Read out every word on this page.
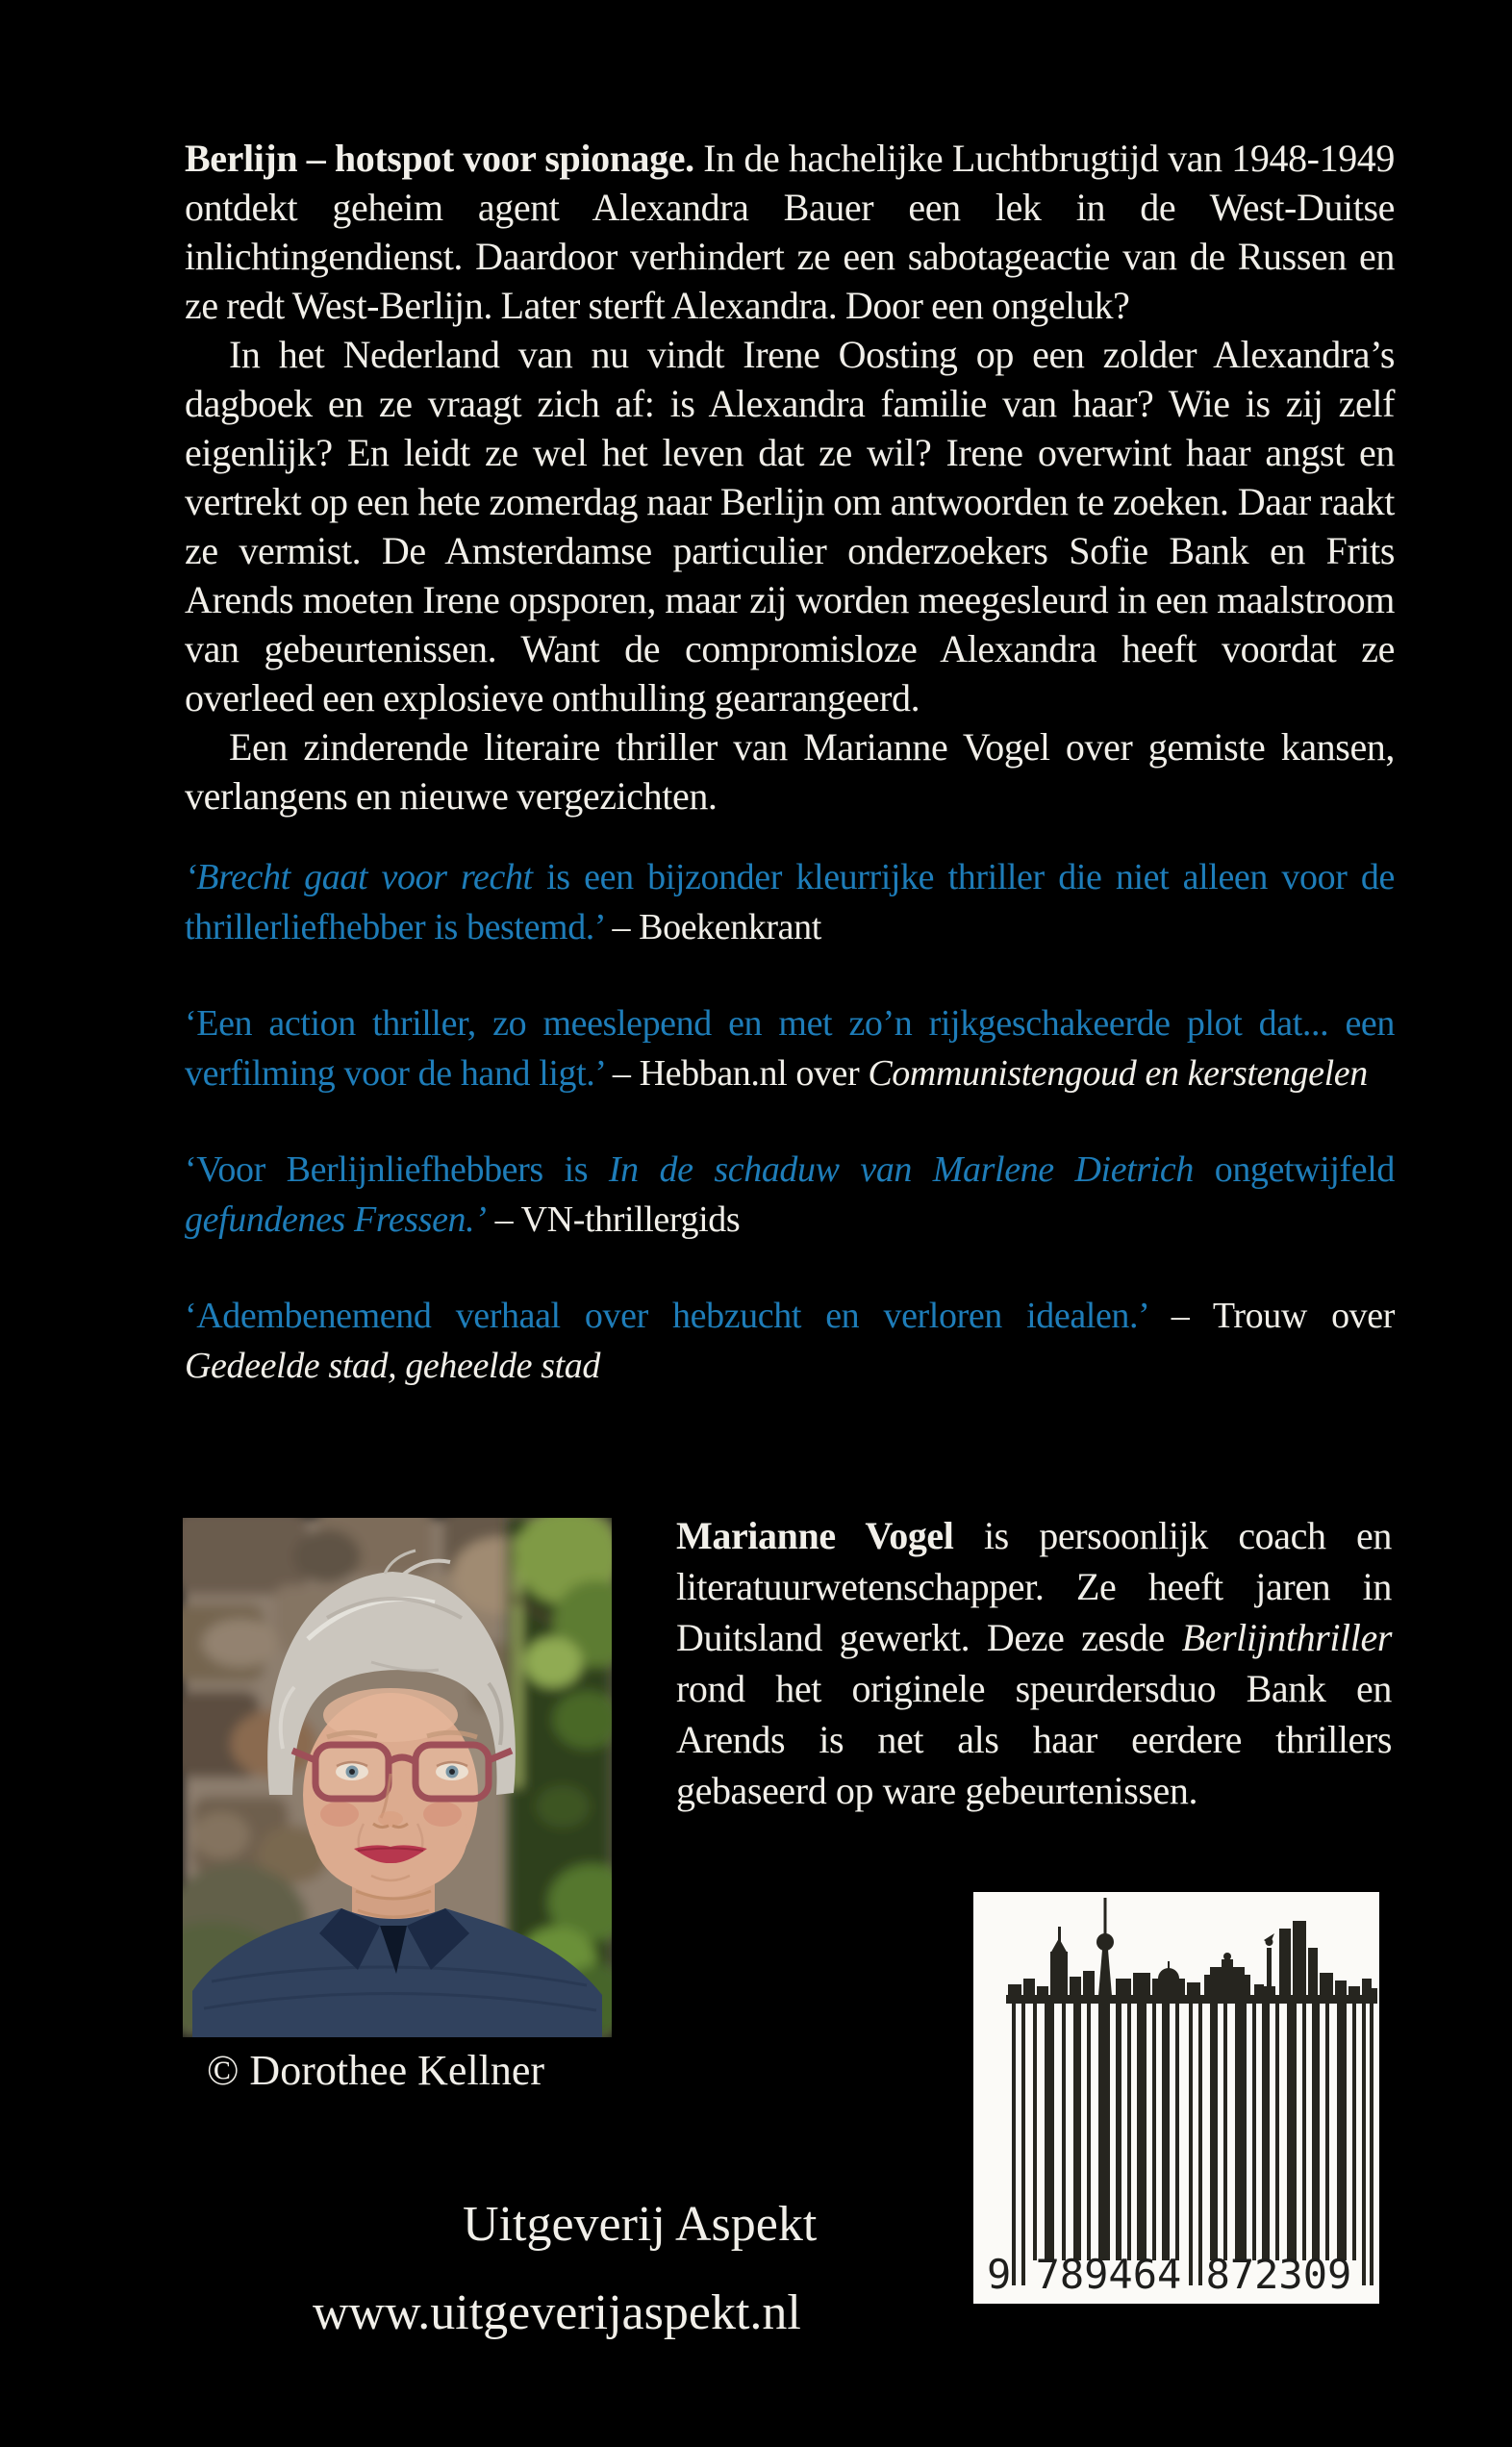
Berlijn – hotspot voor spionage. In de hachelijke Luchtbrugtijd van 1948-1949 ontdekt geheim agent Alexandra Bauer een lek in de West-Duitse inlichtingendienst. Daardoor verhindert ze een sabotageactie van de Russen en ze redt West-Berlijn. Later sterft Alexandra. Door een ongeluk?

In het Nederland van nu vindt Irene Oosting op een zolder Alexandra’s dagboek en ze vraagt zich af: is Alexandra familie van haar? Wie is zij zelf eigenlijk? En leidt ze wel het leven dat ze wil? Irene overwint haar angst en vertrekt op een hete zomerdag naar Berlijn om antwoorden te zoeken. Daar raakt ze vermist. De Amsterdamse particulier onderzoekers Sofie Bank en Frits Arends moeten Irene opsporen, maar zij worden meegesleurd in een maalstroom van gebeurtenissen. Want de compromisloze Alexandra heeft voordat ze overleed een explosieve onthulling gearrangeerd.

Een zinderende literaire thriller van Marianne Vogel over gemiste kansen, verlangens en nieuwe vergezichten.

‘Brecht gaat voor recht is een bijzonder kleurrijke thriller die niet alleen voor de thrillerliefhebber is bestemd.’ – Boekenkrant

‘Een action thriller, zo meeslepend en met zo’n rijkgeschakeerde plot dat... een verfilming voor de hand ligt.’ – Hebban.nl over Communistengoud en kerstengelen

‘Voor Berlijnliefhebbers is In de schaduw van Marlene Dietrich ongetwijfeld gefundenes Fressen.’ – VN-thrillergids

‘Adembenemend verhaal over hebzucht en verloren idealen.’ – Trouw over Gedeelde stad, geheelde stad

Marianne Vogel is persoonlijk coach en literatuurwetenschapper. Ze heeft jaren in Duitsland gewerkt. Deze zesde Berlijnthriller rond het originele speurdersduo Bank en Arends is net als haar eerdere thrillers gebaseerd op ware gebeurtenissen.

© Dorothee Kellner

Uitgeverij Aspekt

www.uitgeverijaspekt.nl

9 789464 872309
